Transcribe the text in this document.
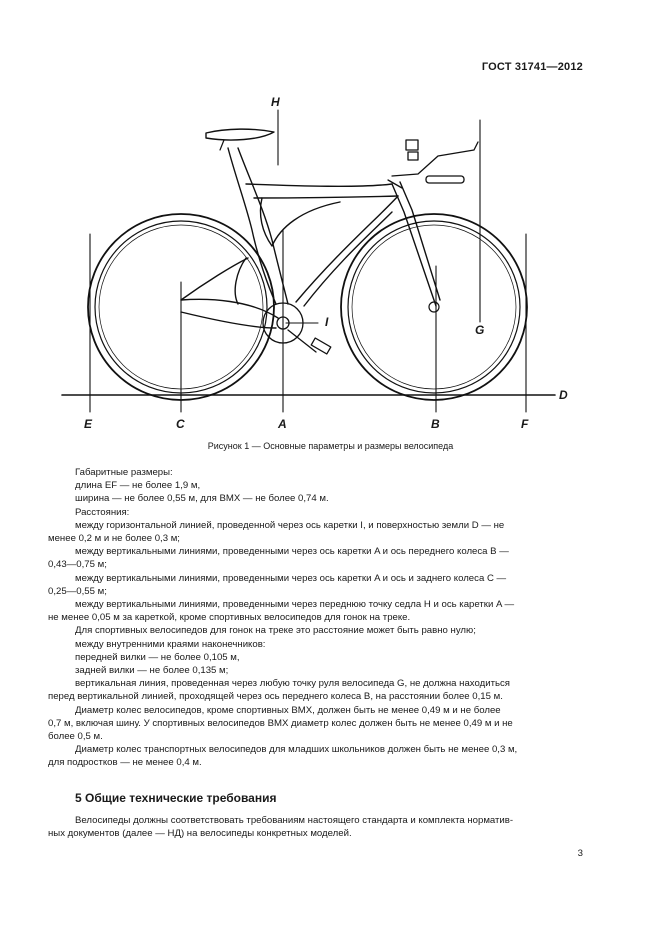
ГОСТ 31741—2012
H
I
G
D
E	C	A	B	F
Рисунок 1 — Основные параметры и размеры велосипеда

Габаритные размеры:

длина EF — не более 1,9 м,

ширина — не более 0,55 м, для ВМХ — не более 0,74 м.

Расстояния:

между горизонтальной линией, проведенной через ось каретки I, и поверхностью земли D — не

менее 0,2 м и не более 0,3 м;

между вертикальными линиями, проведенными через ось каретки A и ось переднего колеса B —

0,43—0,75 м;

между вертикальными линиями, проведенными через ось каретки A и ось и заднего колеса C —

0,25—0,55 м;

между вертикальными линиями, проведенными через переднюю точку седла H и ось каретки A —

не менее 0,05 м за кареткой, кроме спортивных велосипедов для гонок на треке.

Для спортивных велосипедов для гонок на треке это расстояние может быть равно нулю;

между внутренними краями наконечников:

передней вилки — не более 0,105 м,

задней вилки — не более 0,135 м;

вертикальная линия, проведенная через любую точку руля велосипеда G, не должна находиться

перед вертикальной линией, проходящей через ось переднего колеса B, на расстоянии более 0,15 м.

Диаметр колес велосипедов, кроме спортивных ВМХ, должен быть не менее 0,49 м и не более

0,7 м, включая шину. У спортивных велосипедов ВМХ диаметр колес должен быть не менее 0,49 м и не

более 0,5 м.

Диаметр колес транспортных велосипедов для младших школьников должен быть не менее 0,3 м,

для подростков — не менее 0,4 м.

5 Общие технические требования

Велосипеды должны соответствовать требованиям настоящего стандарта и комплекта норматив-

ных документов (далее — НД) на велосипеды конкретных моделей.

3
